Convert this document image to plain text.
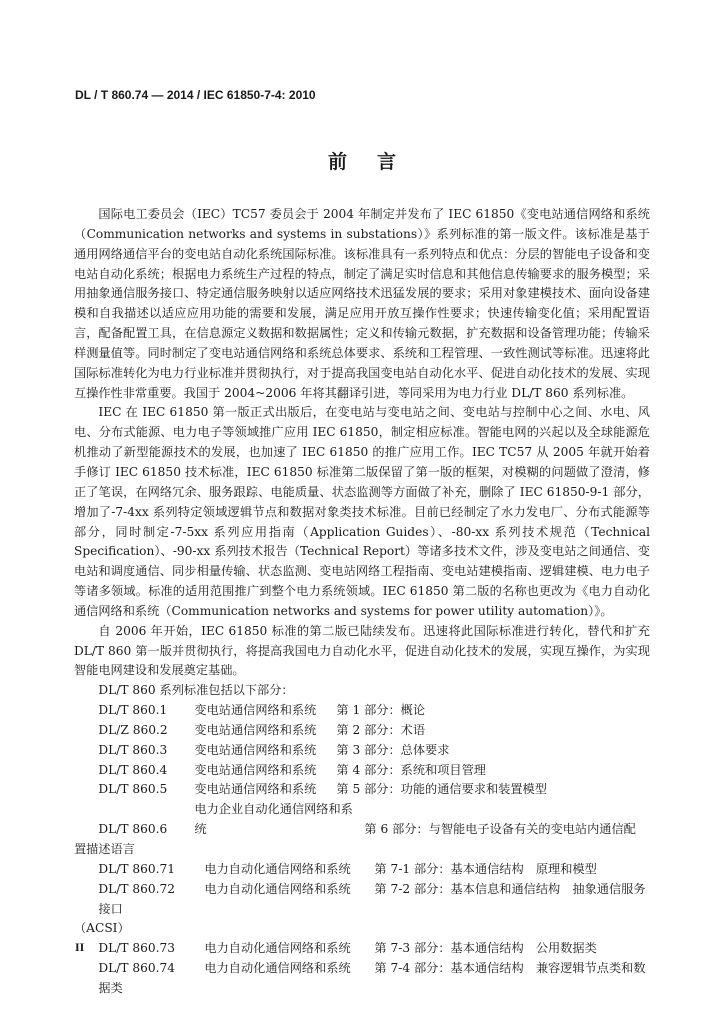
DL / T 860.74 — 2014 / IEC 61850-7-4: 2010
前言

国际电工委员会（IEC）TC57 委员会于 2004 年制定并发布了 IEC 61850《变电站通信网络和系统（Communication networks and systems in substations）》系列标准的第一版文件。该标准是基于通用网络通信平台的变电站自动化系统国际标准。该标准具有一系列特点和优点：分层的智能电子设备和变电站自动化系统；根据电力系统生产过程的特点，制定了满足实时信息和其他信息传输要求的服务模型；采用抽象通信服务接口、特定通信服务映射以适应网络技术迅猛发展的要求；采用对象建模技术、面向设备建模和自我描述以适应应用功能的需要和发展，满足应用开放互操作性要求；快速传输变化值；采用配置语言，配备配置工具，在信息源定义数据和数据属性；定义和传输元数据，扩充数据和设备管理功能；传输采样测量值等。同时制定了变电站通信网络和系统总体要求、系统和工程管理、一致性测试等标准。迅速将此国际标准转化为电力行业标准并贯彻执行，对于提高我国变电站自动化水平、促进自动化技术的发展、实现互操作性非常重要。我国于 2004~2006 年将其翻译引进，等同采用为电力行业 DL/T 860 系列标准。

IEC 在 IEC 61850 第一版正式出版后，在变电站与变电站之间、变电站与控制中心之间、水电、风电、分布式能源、电力电子等领域推广应用 IEC 61850，制定相应标准。智能电网的兴起以及全球能源危机推动了新型能源技术的发展，也加速了 IEC 61850 的推广应用工作。IEC TC57 从 2005 年就开始着手修订 IEC 61850 技术标准，IEC 61850 标准第二版保留了第一版的框架，对模糊的问题做了澄清，修正了笔误，在网络冗余、服务跟踪、电能质量、状态监测等方面做了补充，删除了 IEC 61850-9-1 部分，增加了-7-4xx 系列特定领域逻辑节点和数据对象类技术标准。目前已经制定了水力发电厂、分布式能源等部分，同时制定-7-5xx 系列应用指南（Application Guides）、-80-xx 系列技术规范（Technical Specification）、-90-xx 系列技术报告（Technical Report）等诸多技术文件，涉及变电站之间通信、变电站和调度通信、同步相量传输、状态监测、变电站网络工程指南、变电站建模指南、逻辑建模、电力电子等诸多领域。标准的适用范围推广到整个电力系统领域。IEC 61850 第二版的名称也更改为《电力自动化通信网络和系统（Communication networks and systems for power utility automation）》。

自 2006 年开始，IEC 61850 标准的第二版已陆续发布。迅速将此国际标准进行转化，替代和扩充 DL/T 860 第一版并贯彻执行，将提高我国电力自动化水平，促进自动化技术的发展，实现互操作，为实现智能电网建设和发展奠定基础。

DL/T 860 系列标准包括以下部分：

DL/T 860.1 变电站通信网络和系统 第 1 部分：概论
DL/Z 860.2 变电站通信网络和系统 第 2 部分：术语
DL/T 860.3 变电站通信网络和系统 第 3 部分：总体要求
DL/T 860.4 变电站通信网络和系统 第 4 部分：系统和项目管理
DL/T 860.5 变电站通信网络和系统 第 5 部分：功能的通信要求和装置模型
DL/T 860.6电力企业自动化通信网络和系统	第 6 部分：与智能电子设备有关的变电站内通信配
置描述语言
DL/T 860.71 电力自动化通信网络和系统 第 7-1 部分：基本通信结构　原理和模型
DL/T 860.72 电力自动化通信网络和系统 第 7-2 部分：基本信息和通信结构　抽象通信服务接口
（ACSI）
DL/T 860.73 电力自动化通信网络和系统 第 7-3 部分：基本通信结构　公用数据类
DL/T 860.74 电力自动化通信网络和系统 第 7-4 部分：基本通信结构　兼容逻辑节点类和数据类
II
